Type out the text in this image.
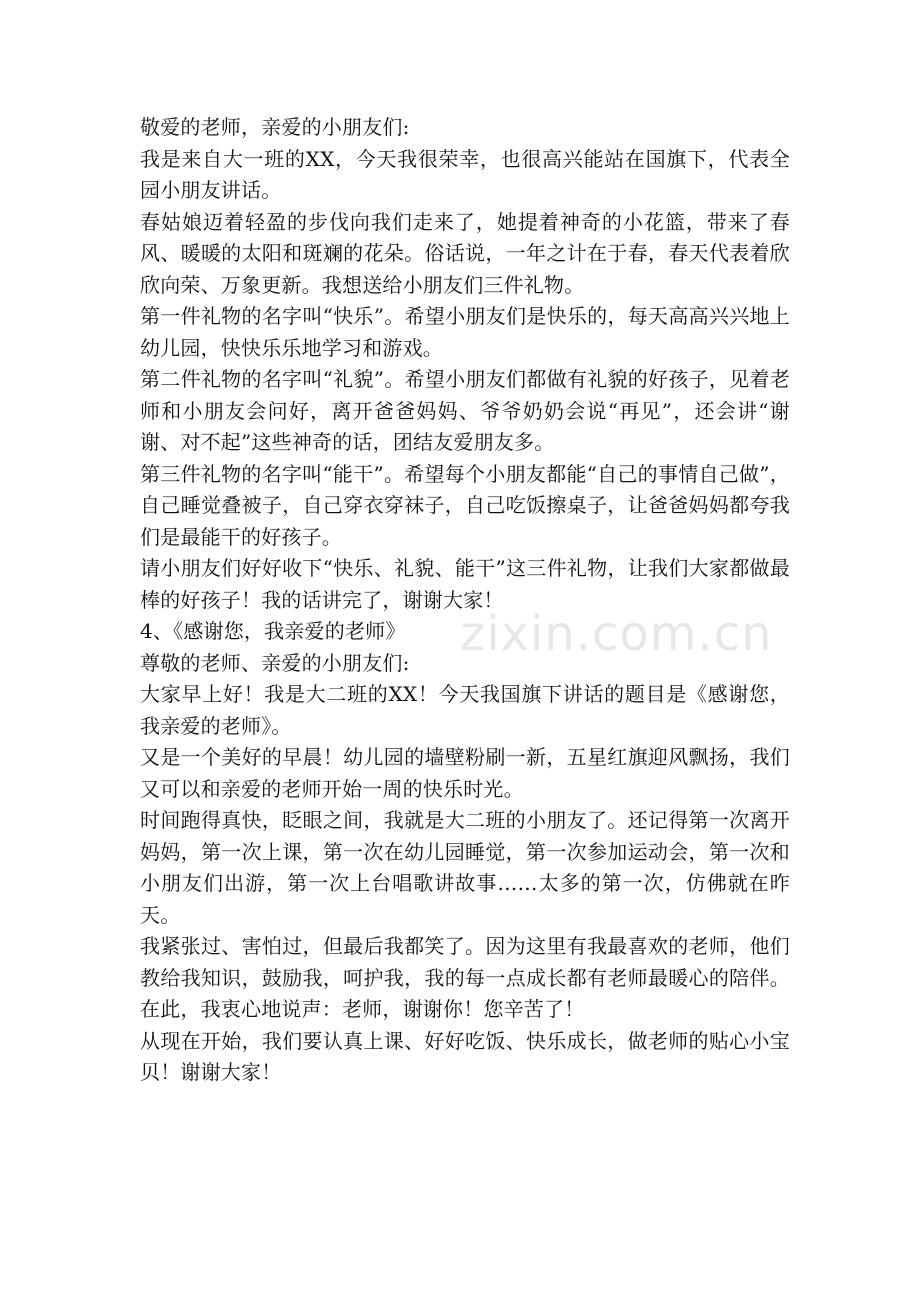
敬爱的老师，亲爱的小朋友们:

我是来自大一班的XX，今天我很荣幸，也很高兴能站在国旗下，代表全园小朋友讲话。

春姑娘迈着轻盈的步伐向我们走来了，她提着神奇的小花篮，带来了春风、暖暖的太阳和斑斓的花朵。俗话说，一年之计在于春，春天代表着欣欣向荣、万象更新。我想送给小朋友们三件礼物。

第一件礼物的名字叫“快乐”。希望小朋友们是快乐的，每天高高兴兴地上幼儿园，快快乐乐地学习和游戏。

第二件礼物的名字叫“礼貌”。希望小朋友们都做有礼貌的好孩子，见着老师和小朋友会问好，离开爸爸妈妈、爷爷奶奶会说“再见”，还会讲“谢谢、对不起”这些神奇的话，团结友爱朋友多。

第三件礼物的名字叫“能干”。希望每个小朋友都能“自己的事情自己做”，自己睡觉叠被子，自己穿衣穿袜子，自己吃饭擦桌子，让爸爸妈妈都夸我们是最能干的好孩子。

请小朋友们好好收下“快乐、礼貌、能干”这三件礼物，让我们大家都做最棒的好孩子！我的话讲完了，谢谢大家！

4、《感谢您，我亲爱的老师》

尊敬的老师、亲爱的小朋友们:

大家早上好！我是大二班的XX！今天我国旗下讲话的题目是《感谢您，我亲爱的老师》。

又是一个美好的早晨！幼儿园的墙壁粉刷一新，五星红旗迎风飘扬，我们又可以和亲爱的老师开始一周的快乐时光。

时间跑得真快，眨眼之间，我就是大二班的小朋友了。还记得第一次离开妈妈，第一次上课，第一次在幼儿园睡觉，第一次参加运动会，第一次和小朋友们出游，第一次上台唱歌讲故事……太多的第一次，仿佛就在昨天。

我紧张过、害怕过，但最后我都笑了。因为这里有我最喜欢的老师，他们教给我知识，鼓励我，呵护我，我的每一点成长都有老师最暖心的陪伴。在此，我衷心地说声：老师，谢谢你！您辛苦了！

从现在开始，我们要认真上课、好好吃饭、快乐成长，做老师的贴心小宝贝！谢谢大家！

zixin.com.cn
